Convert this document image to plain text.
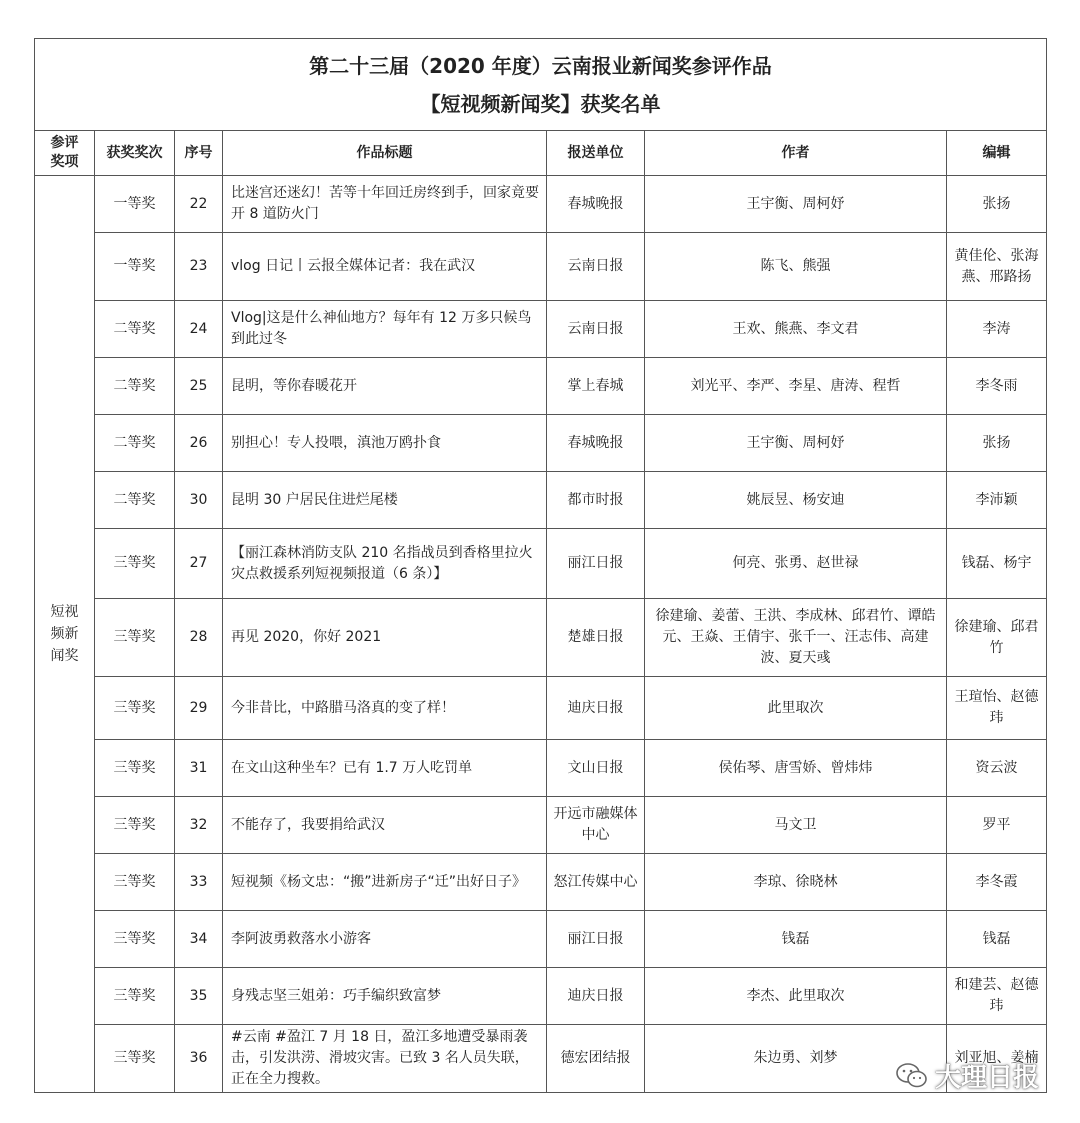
第二十三届（2020 年度）云南报业新闻奖参评作品
【短视频新闻奖】获奖名单						

参评奖项	获奖奖次	序号	作品标题	报送单位	作者	编辑
短视频新闻奖	一等奖	22	比迷宫还迷幻！苦等十年回迁房终到手，回家竟要开 8 道防火门	春城晚报	王宇衡、周柯妤	张扬
	一等奖	23	vlog 日记丨云报全媒体记者：我在武汉	云南日报	陈飞、熊强	黄佳伦、张海燕、邢路扬
	二等奖	24	Vlog|这是什么神仙地方？每年有 12 万多只候鸟到此过冬	云南日报	王欢、熊燕、李文君	李涛
	二等奖	25	昆明，等你春暖花开	掌上春城	刘光平、李严、李星、唐涛、程哲	李冬雨
	二等奖	26	别担心！专人投喂，滇池万鸥扑食	春城晚报	王宇衡、周柯妤	张扬
	二等奖	30	昆明 30 户居民住进烂尾楼	都市时报	姚辰昱、杨安迪	李沛颖
	三等奖	27	【丽江森林消防支队 210 名指战员到香格里拉火灾点救援系列短视频报道（6 条）】	丽江日报	何亮、张勇、赵世禄	钱磊、杨宇
	三等奖	28	再见 2020，你好 2021	楚雄日报	徐建瑜、姜蕾、王洪、李成林、邱君竹、谭皓元、王焱、王倩宇、张千一、汪志伟、高建波、夏天彧	徐建瑜、邱君竹
	三等奖	29	今非昔比，中路腊马洛真的变了样！	迪庆日报	此里取次	王瑄怡、赵德玮
	三等奖	31	在文山这种坐车？已有 1.7 万人吃罚单	文山日报	侯佑琴、唐雪娇、曾炜炜	资云波
	三等奖	32	不能存了，我要捐给武汉	开远市融媒体中心	马文卫	罗平
	三等奖	33	短视频《杨文忠：“搬”进新房子“迁”出好日子》	怒江传媒中心	李琼、徐晓林	李冬霞
	三等奖	34	李阿波勇救落水小游客	丽江日报	钱磊	钱磊
	三等奖	35	身残志坚三姐弟：巧手编织致富梦	迪庆日报	李杰、此里取次	和建芸、赵德玮
	三等奖	36	#云南 #盈江 7 月 18 日，盈江多地遭受暴雨袭击，引发洪涝、滑坡灾害。已致 3 名人员失联，正在全力搜救。	德宏团结报	朱边勇、刘梦	刘亚旭、姜楠
大理日报
